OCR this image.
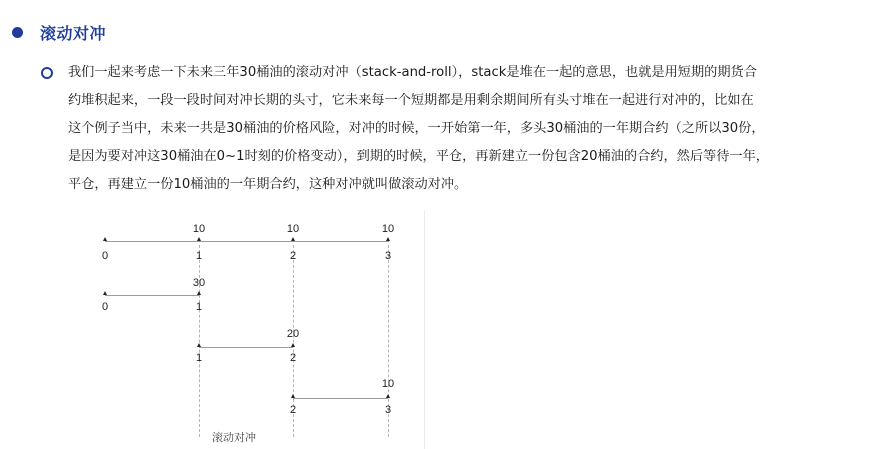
滚动对冲

我们一起来考虑一下未来三年30桶油的滚动对冲（stack-and-roll），stack是堆在一起的意思，也就是用短期的期货合
约堆积起来，一段一段时间对冲长期的头寸，它未来每一个短期都是用剩余期间所有头寸堆在一起进行对冲的，比如在
这个例子当中，未来一共是30桶油的价格风险，对冲的时候，一开始第一年，多头30桶油的一年期合约（之所以30份，
是因为要对冲这30桶油在0~1时刻的价格变动），到期的时候，平仓，再新建立一份包含20桶油的合约，然后等待一年，
平仓，再建立一份10桶油的一年期合约，这种对冲就叫做滚动对冲。

10	10	10
0	1	2	3
30
0	1
20
1	2
10
2	3
滚动对冲
